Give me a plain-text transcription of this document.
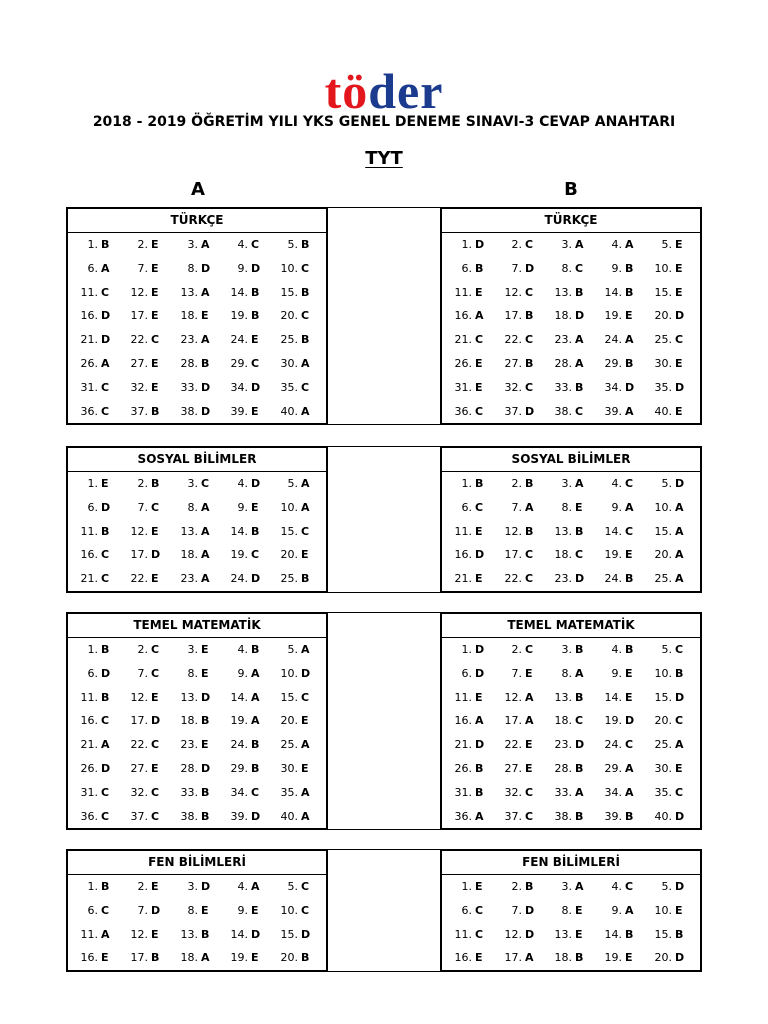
töder
2018 - 2019 ÖĞRETİM YILI YKS GENEL DENEME SINAVI-3 CEVAP ANAHTARI
TYT
A	B
TÜRKÇE
1. B	2. E	3. A	4. C	5. B
6. A	7. E	8. D	9. D	10. C
11. C	12. E	13. A	14. B	15. B
16. D	17. E	18. E	19. B	20. C
21. D	22. C	23. A	24. E	25. B
26. A	27. E	28. B	29. C	30. A
31. C	32. E	33. D	34. D	35. C
36. C	37. B	38. D	39. E	40. A
TÜRKÇE
1. D	2. C	3. A	4. A	5. E
6. B	7. D	8. C	9. B	10. E
11. E	12. C	13. B	14. B	15. E
16. A	17. B	18. D	19. E	20. D
21. C	22. C	23. A	24. A	25. C
26. E	27. B	28. A	29. B	30. E
31. E	32. C	33. B	34. D	35. D
36. C	37. D	38. C	39. A	40. E
SOSYAL BİLİMLER
1. E	2. B	3. C	4. D	5. A
6. D	7. C	8. A	9. E	10. A
11. B	12. E	13. A	14. B	15. C
16. C	17. D	18. A	19. C	20. E
21. C	22. E	23. A	24. D	25. B
SOSYAL BİLİMLER
1. B	2. B	3. A	4. C	5. D
6. C	7. A	8. E	9. A	10. A
11. E	12. B	13. B	14. C	15. A
16. D	17. C	18. C	19. E	20. A
21. E	22. C	23. D	24. B	25. A
TEMEL MATEMATİK
1. B	2. C	3. E	4. B	5. A
6. D	7. C	8. E	9. A	10. D
11. B	12. E	13. D	14. A	15. C
16. C	17. D	18. B	19. A	20. E
21. A	22. C	23. E	24. B	25. A
26. D	27. E	28. D	29. B	30. E
31. C	32. C	33. B	34. C	35. A
36. C	37. C	38. B	39. D	40. A
TEMEL MATEMATİK
1. D	2. C	3. B	4. B	5. C
6. D	7. E	8. A	9. E	10. B
11. E	12. A	13. B	14. E	15. D
16. A	17. A	18. C	19. D	20. C
21. D	22. E	23. D	24. C	25. A
26. B	27. E	28. B	29. A	30. E
31. B	32. C	33. A	34. A	35. C
36. A	37. C	38. B	39. B	40. D
FEN BİLİMLERİ
1. B	2. E	3. D	4. A	5. C
6. C	7. D	8. E	9. E	10. C
11. A	12. E	13. B	14. D	15. D
16. E	17. B	18. A	19. E	20. B
FEN BİLİMLERİ
1. E	2. B	3. A	4. C	5. D
6. C	7. D	8. E	9. A	10. E
11. C	12. D	13. E	14. B	15. B
16. E	17. A	18. B	19. E	20. D
